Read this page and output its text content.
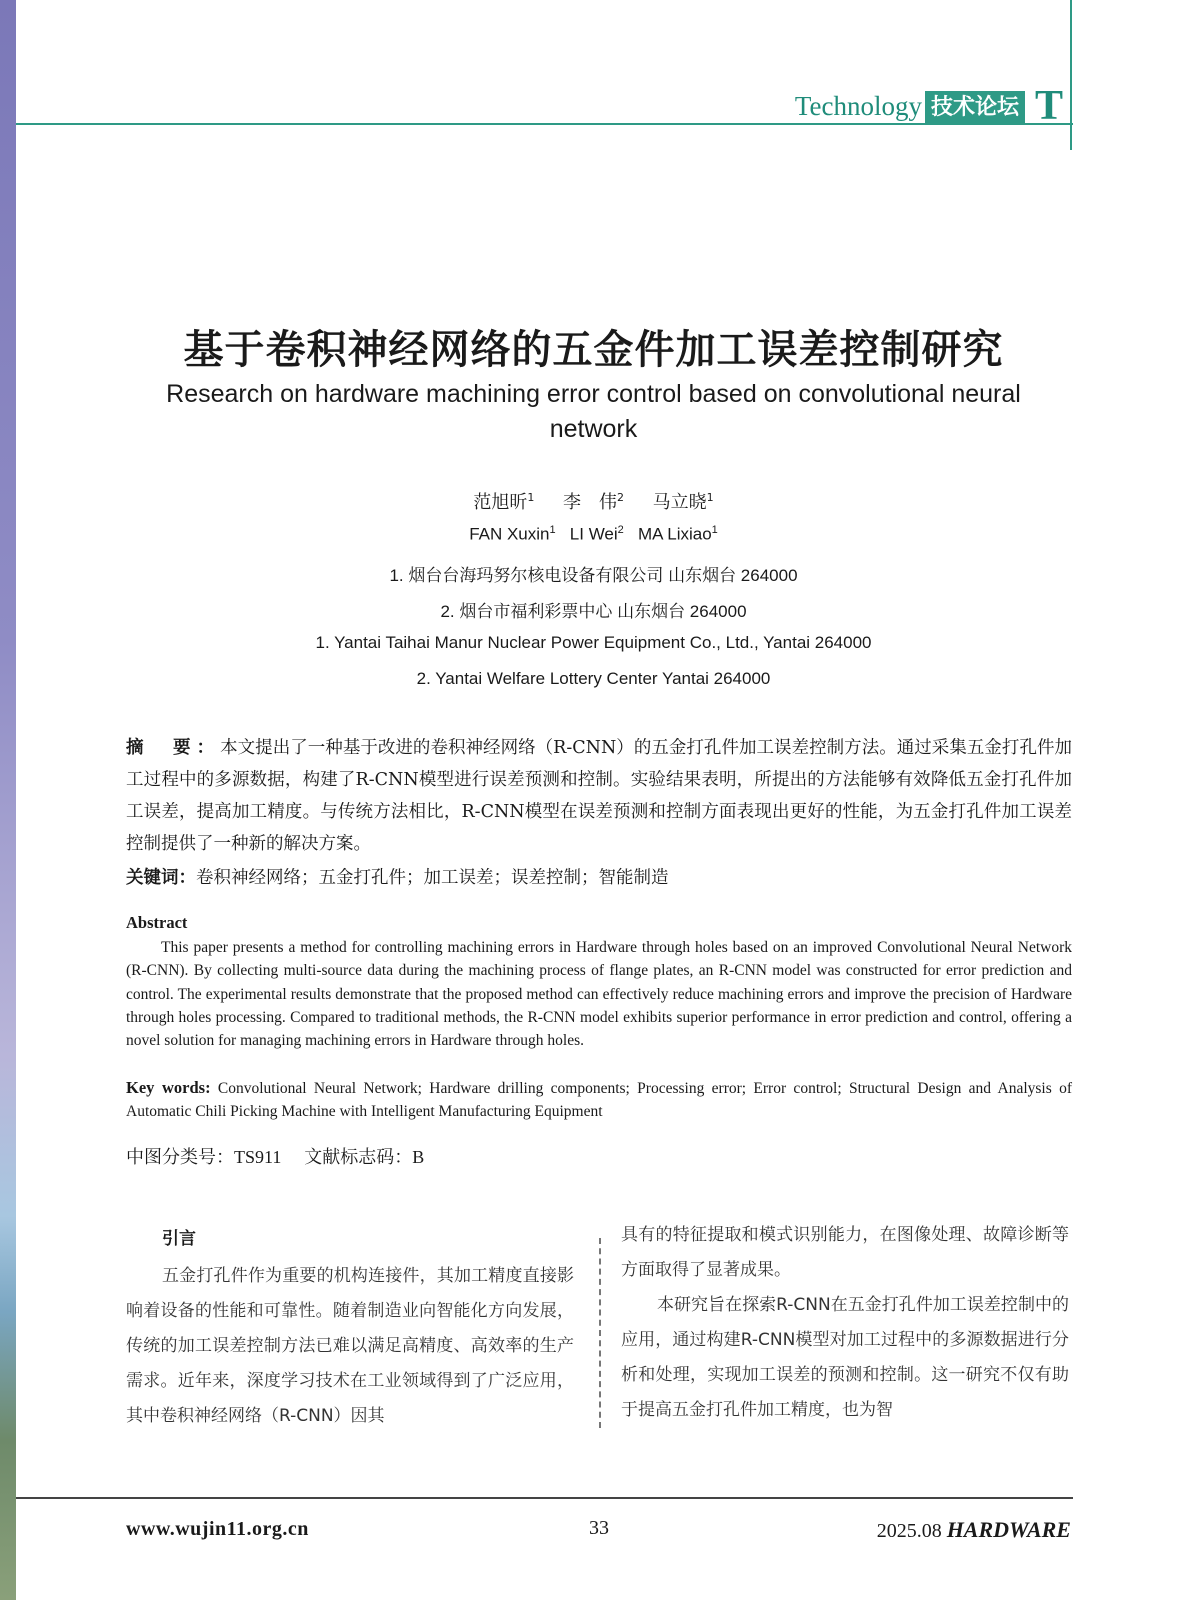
Technology 技术论坛 T
基于卷积神经网络的五金件加工误差控制研究
Research on hardware machining error control based on convolutional neural network
范旭昕$^1$ 李　伟$^2$ 马立晓$^1$
FAN Xuxin$^1$ LI Wei$^2$ MA Lixiao$^1$
1. 烟台台海玛努尔核电设备有限公司 山东烟台 264000
2. 烟台市福利彩票中心 山东烟台 264000
1. Yantai Taihai Manur Nuclear Power Equipment Co., Ltd., Yantai 264000
2. Yantai Welfare Lottery Center Yantai 264000
摘　要：本文提出了一种基于改进的卷积神经网络（R-CNN）的五金打孔件加工误差控制方法。通过采集五金打孔件加工过程中的多源数据，构建了R-CNN模型进行误差预测和控制。实验结果表明，所提出的方法能够有效降低五金打孔件加工误差，提高加工精度。与传统方法相比，R-CNN模型在误差预测和控制方面表现出更好的性能，为五金打孔件加工误差控制提供了一种新的解决方案。
关键词：卷积神经网络；五金打孔件；加工误差；误差控制；智能制造
Abstract
This paper presents a method for controlling machining errors in Hardware through holes based on an improved Convolutional Neural Network (R-CNN). By collecting multi-source data during the machining process of flange plates, an R-CNN model was constructed for error prediction and control. The experimental results demonstrate that the proposed method can effectively reduce machining errors and improve the precision of Hardware through holes processing. Compared to traditional methods, the R-CNN model exhibits superior performance in error prediction and control, offering a novel solution for managing machining errors in Hardware through holes.
Key words: Convolutional Neural Network; Hardware drilling components; Processing error; Error control; Structural Design and Analysis of Automatic Chili Picking Machine with Intelligent Manufacturing Equipment
中图分类号：TS911 文献标志码：B

引言

五金打孔件作为重要的机构连接件，其加工精度直接影响着设备的性能和可靠性。随着制造业向智能化方向发展，传统的加工误差控制方法已难以满足高精度、高效率的生产需求。近年来，深度学习技术在工业领域得到了广泛应用，其中卷积神经网络（R-CNN）因其

具有的特征提取和模式识别能力，在图像处理、故障诊断等方面取得了显著成果。

本研究旨在探索R-CNN在五金打孔件加工误差控制中的应用，通过构建R-CNN模型对加工过程中的多源数据进行分析和处理，实现加工误差的预测和控制。这一研究不仅有助于提高五金打孔件加工精度，也为智

www.wujin11.org.cn	33	2025.08 HARDWARE
